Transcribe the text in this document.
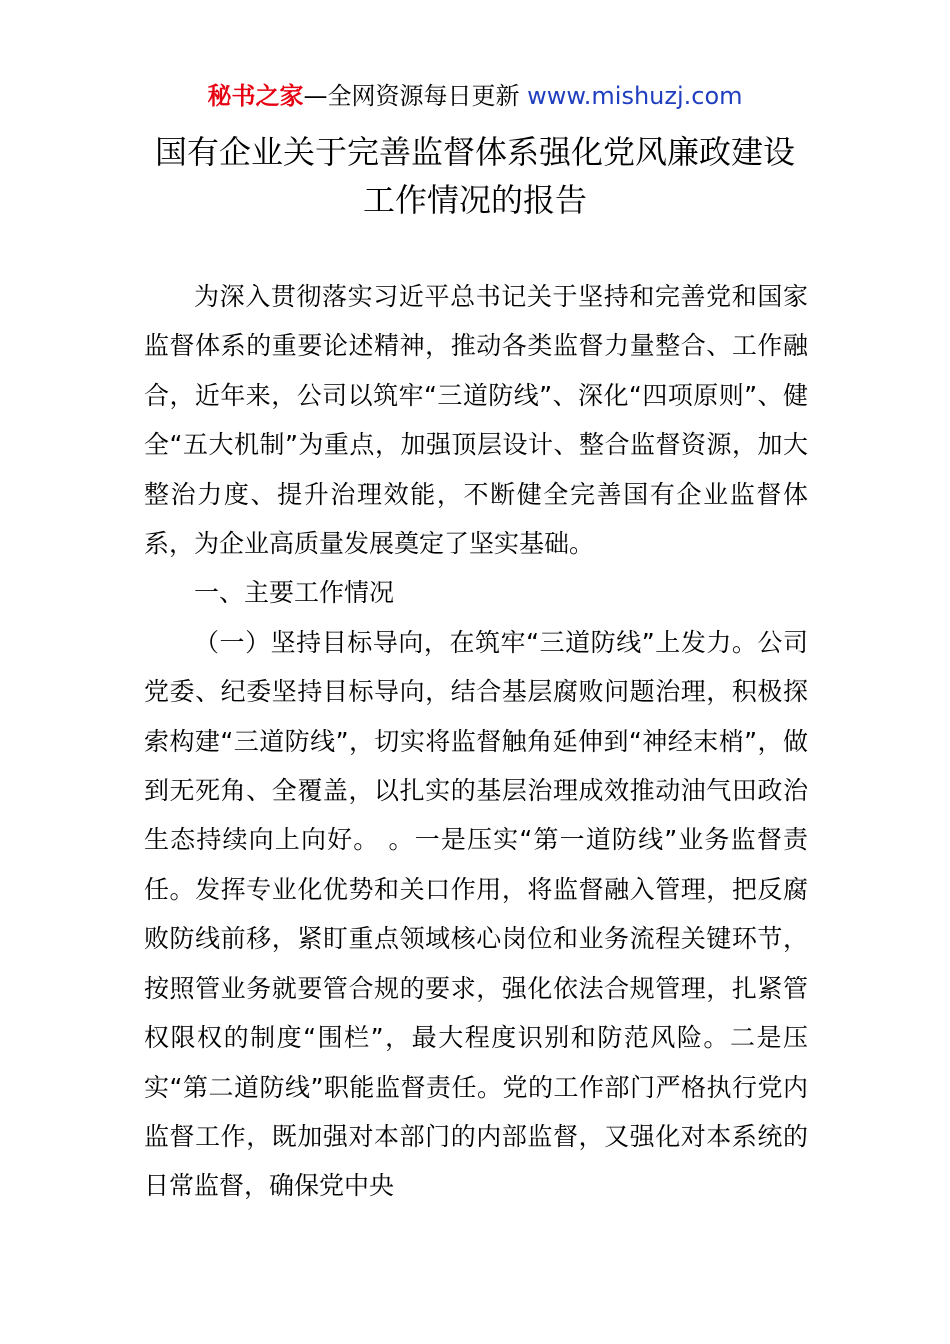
秘书之家—全网资源每日更新 www.mishuzj.com
国有企业关于完善监督体系强化党风廉政建设
工作情况的报告

为深入贯彻落实习近平总书记关于坚持和完善党和国家监督体系的重要论述精神，推动各类监督力量整合、工作融合，近年来，公司以筑牢“三道防线”、深化“四项原则”、健全“五大机制”为重点，加强顶层设计、整合监督资源，加大整治力度、提升治理效能，不断健全完善国有企业监督体系，为企业高质量发展奠定了坚实基础。

一、主要工作情况

（一）坚持目标导向，在筑牢“三道防线”上发力。公司党委、纪委坚持目标导向，结合基层腐败问题治理，积极探索构建“三道防线”，切实将监督触角延伸到“神经末梢”，做到无死角、全覆盖，以扎实的基层治理成效推动油气田政治生态持续向上向好。 。一是压实“第一道防线”业务监督责任。发挥专业化优势和关口作用，将监督融入管理，把反腐败防线前移，紧盯重点领域核心岗位和业务流程关键环节，按照管业务就要管合规的要求，强化依法合规管理，扎紧管权限权的制度“围栏”，最大程度识别和防范风险。二是压实“第二道防线”职能监督责任。党的工作部门严格执行党内监督工作，既加强对本部门的内部监督，又强化对本系统的日常监督，确保党中央
